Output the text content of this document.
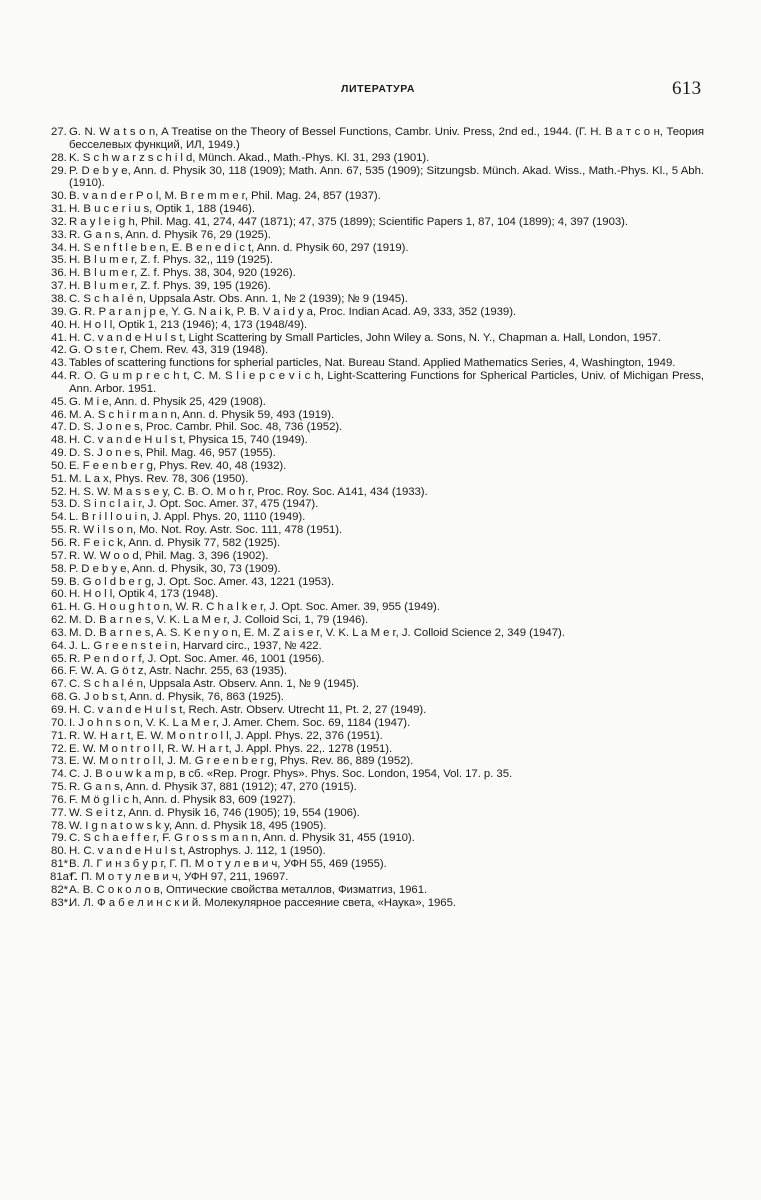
ЛИТЕРАТУРА	613
27. G. N. W a t s o n, A Treatise on the Theory of Bessel Functions, Cambr. Univ. Press, 2nd ed., 1944. (Г. Н. В а т с о н, Теория бесселевых функций, ИЛ, 1949.)
28. K. S c h w a r z s c h i l d, Münch. Akad., Math.-Phys. Kl. 31, 293 (1901).
29. P. D e b y e, Ann. d. Physik 30, 118 (1909); Math. Ann. 67, 535 (1909); Sitzungsb. Münch. Akad. Wiss., Math.-Phys. Kl., 5 Abh. (1910).
30. B. v a n d e r P o l, M. B r e m m e r, Phil. Mag. 24, 857 (1937).
31. H. B u c e r i u s, Optik 1, 188 (1946).
32. R a y l e i g h, Phil. Mag. 41, 274, 447 (1871); 47, 375 (1899); Scientific Papers 1, 87, 104 (1899); 4, 397 (1903).
33. R. G a n s, Ann. d. Physik 76, 29 (1925).
34. H. S e n f t l e b e n, E. B e n e d i c t, Ann. d. Physik 60, 297 (1919).
35. H. B l u m e r, Z. f. Phys. 32,, 119 (1925).
36. H. B l u m e r, Z. f. Phys. 38, 304, 920 (1926).
37. H. B l u m e r, Z. f. Phys. 39, 195 (1926).
38. C. S c h a l é n, Uppsala Astr. Obs. Ann. 1, № 2 (1939); № 9 (1945).
39. G. R. P a r a n j p e, Y. G. N a i k, P. B. V a i d y a, Proc. Indian Acad. A9, 333, 352 (1939).
40. H. H o l l, Optik 1, 213 (1946); 4, 173 (1948/49).
41. H. C. v a n d e H u l s t, Light Scattering by Small Particles, John Wiley a. Sons, N. Y., Chapman a. Hall, London, 1957.
42. G. O s t e r, Chem. Rev. 43, 319 (1948).
43. Tables of scattering functions for spherial particles, Nat. Bureau Stand. Applied Mathematics Series, 4, Washington, 1949.
44. R. O. G u m p r e c h t, C. M. S l i e p c e v i c h, Light-Scattering Functions for Spherical Particles, Univ. of Michigan Press, Ann. Arbor. 1951.
45. G. M i e, Ann. d. Physik 25, 429 (1908).
46. M. A. S c h i r m a n n, Ann. d. Physik 59, 493 (1919).
47. D. S. J o n e s, Proc. Cambr. Phil. Soc. 48, 736 (1952).
48. H. C. v a n d e H u l s t, Physica 15, 740 (1949).
49. D. S. J o n e s, Phil. Mag. 46, 957 (1955).
50. E. F e e n b e r g, Phys. Rev. 40, 48 (1932).
51. M. L a x, Phys. Rev. 78, 306 (1950).
52. H. S. W. M a s s e y, C. B. O. M o h r, Proc. Roy. Soc. A141, 434 (1933).
53. D. S i n c l a i r, J. Opt. Soc. Amer. 37, 475 (1947).
54. L. B r i l l o u i n, J. Appl. Phys. 20, 1110 (1949).
55. R. W i l s o n, Mo. Not. Roy. Astr. Soc. 111, 478 (1951).
56. R. F e i c k, Ann. d. Physik 77, 582 (1925).
57. R. W. W o o d, Phil. Mag. 3, 396 (1902).
58. P. D e b y e, Ann. d. Physik, 30, 73 (1909).
59. B. G o l d b e r g, J. Opt. Soc. Amer. 43, 1221 (1953).
60. H. H o l l, Optik 4, 173 (1948).
61. H. G. H o u g h t o n, W. R. C h a l k e r, J. Opt. Soc. Amer. 39, 955 (1949).
62. M. D. B a r n e s, V. K. L a M e r, J. Colloid Sci, 1, 79 (1946).
63. M. D. B a r n e s, A. S. K e n y o n, E. M. Z a i s e r, V. K. L a M e r, J. Colloid Science 2, 349 (1947).
64. J. L. G r e e n s t e i n, Harvard circ., 1937, № 422.
65. R. P e n d o r f, J. Opt. Soc. Amer. 46, 1001 (1956).
66. F. W. A. G ö t z, Astr. Nachr. 255, 63 (1935).
67. C. S c h a l é n, Uppsala Astr. Observ. Ann. 1, № 9 (1945).
68. G. J o b s t, Ann. d. Physik, 76, 863 (1925).
69. H. C. v a n d e H u l s t, Rech. Astr. Observ. Utrecht 11, Pt. 2, 27 (1949).
70. I. J o h n s o n, V. K. L a M e r, J. Amer. Chem. Soc. 69, 1184 (1947).
71. R. W. H a r t, E. W. M o n t r o l l, J. Appl. Phys. 22, 376 (1951).
72. E. W. M o n t r o l l, R. W. H a r t, J. Appl. Phys. 22,. 1278 (1951).
73. E. W. M o n t r o l l, J. M. G r e e n b e r g, Phys. Rev. 86, 889 (1952).
74. C. J. B o u w k a m p, в сб. «Rep. Progr. Phys». Phys. Soc. London, 1954, Vol. 17. p. 35.
75. R. G a n s, Ann. d. Physik 37, 881 (1912); 47, 270 (1915).
76. F. M ö g l i c h, Ann. d. Physik 83, 609 (1927).
77. W. S e i t z, Ann. d. Physik 16, 746 (1905); 19, 554 (1906).
78. W. I g n a t o w s k y, Ann. d. Physik 18, 495 (1905).
79. C. S c h a e f f e r, F. G r o s s m a n n, Ann. d. Physik 31, 455 (1910).
80. H. C. v a n d e H u l s t, Astrophys. J. 112, 1 (1950).
81* В. Л. Г и н з б у р г, Г. П. М о т у л е в и ч, УФН 55, 469 (1955).
81a*.
Г. П. М о т у л е в и ч, УФН 97, 211, 19697.
82*.
А. В. С о к о л о в, Оптические свойства металлов, Физматгиз, 1961.
83*.
И. Л. Ф а б е л и н с к и й. Молекулярное рассеяние света, «Наука», 1965.
